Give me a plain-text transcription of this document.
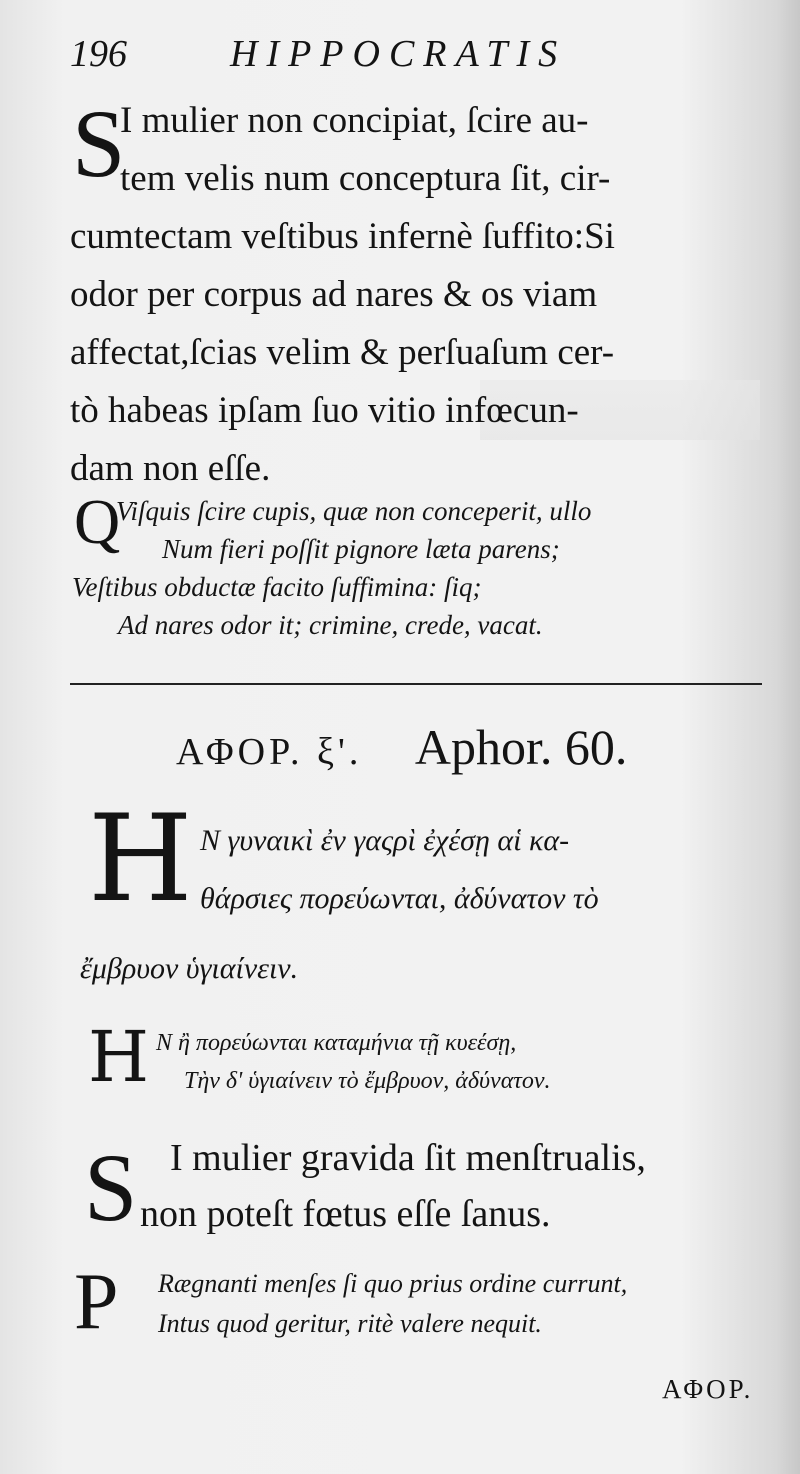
196	HIPPOCRATIS
S
I mulier non concipiat, ſcire au-
tem velis num conceptura ſit, cir-
cumtectam veſtibus infernè ſuffito:Si
odor per corpus ad nares & os viam
affectat,ſcias velim & perſuaſum cer-
tò habeas ipſam ſuo vitio infœcun-
dam non eſſe.
Q
Viſquis ſcire cupis, quæ non conceperit, ullo
Num fieri poſſit pignore læta parens;
Veſtibus obductæ facito ſuffimina: ſiq;
Ad nares odor it; crimine, crede, vacat.
ΑΦΟΡ. ξ'. Aphor. 60.
H Ν γυναικὶ ἐν γαςρὶ ἐχέσῃ αἱ κα-
θάρσιες πορεύωνται, ἀδύνατον τὸ
ἔμβρυον ὑγιαίνειν.
H Ν ἢ πορεύωνται καταμήνια τῇ κυεέσῃ,
Τὴν δ' ὑγιαίνειν τὸ ἔμβρυον, ἀδύνατον.
S I mulier gravida ſit menſtrualis,
non poteſt fœtus eſſe ſanus.
P Rægnanti menſes ſi quo prius ordine currunt,
Intus quod geritur, ritè valere nequit.
ΑΦΟΡ.
